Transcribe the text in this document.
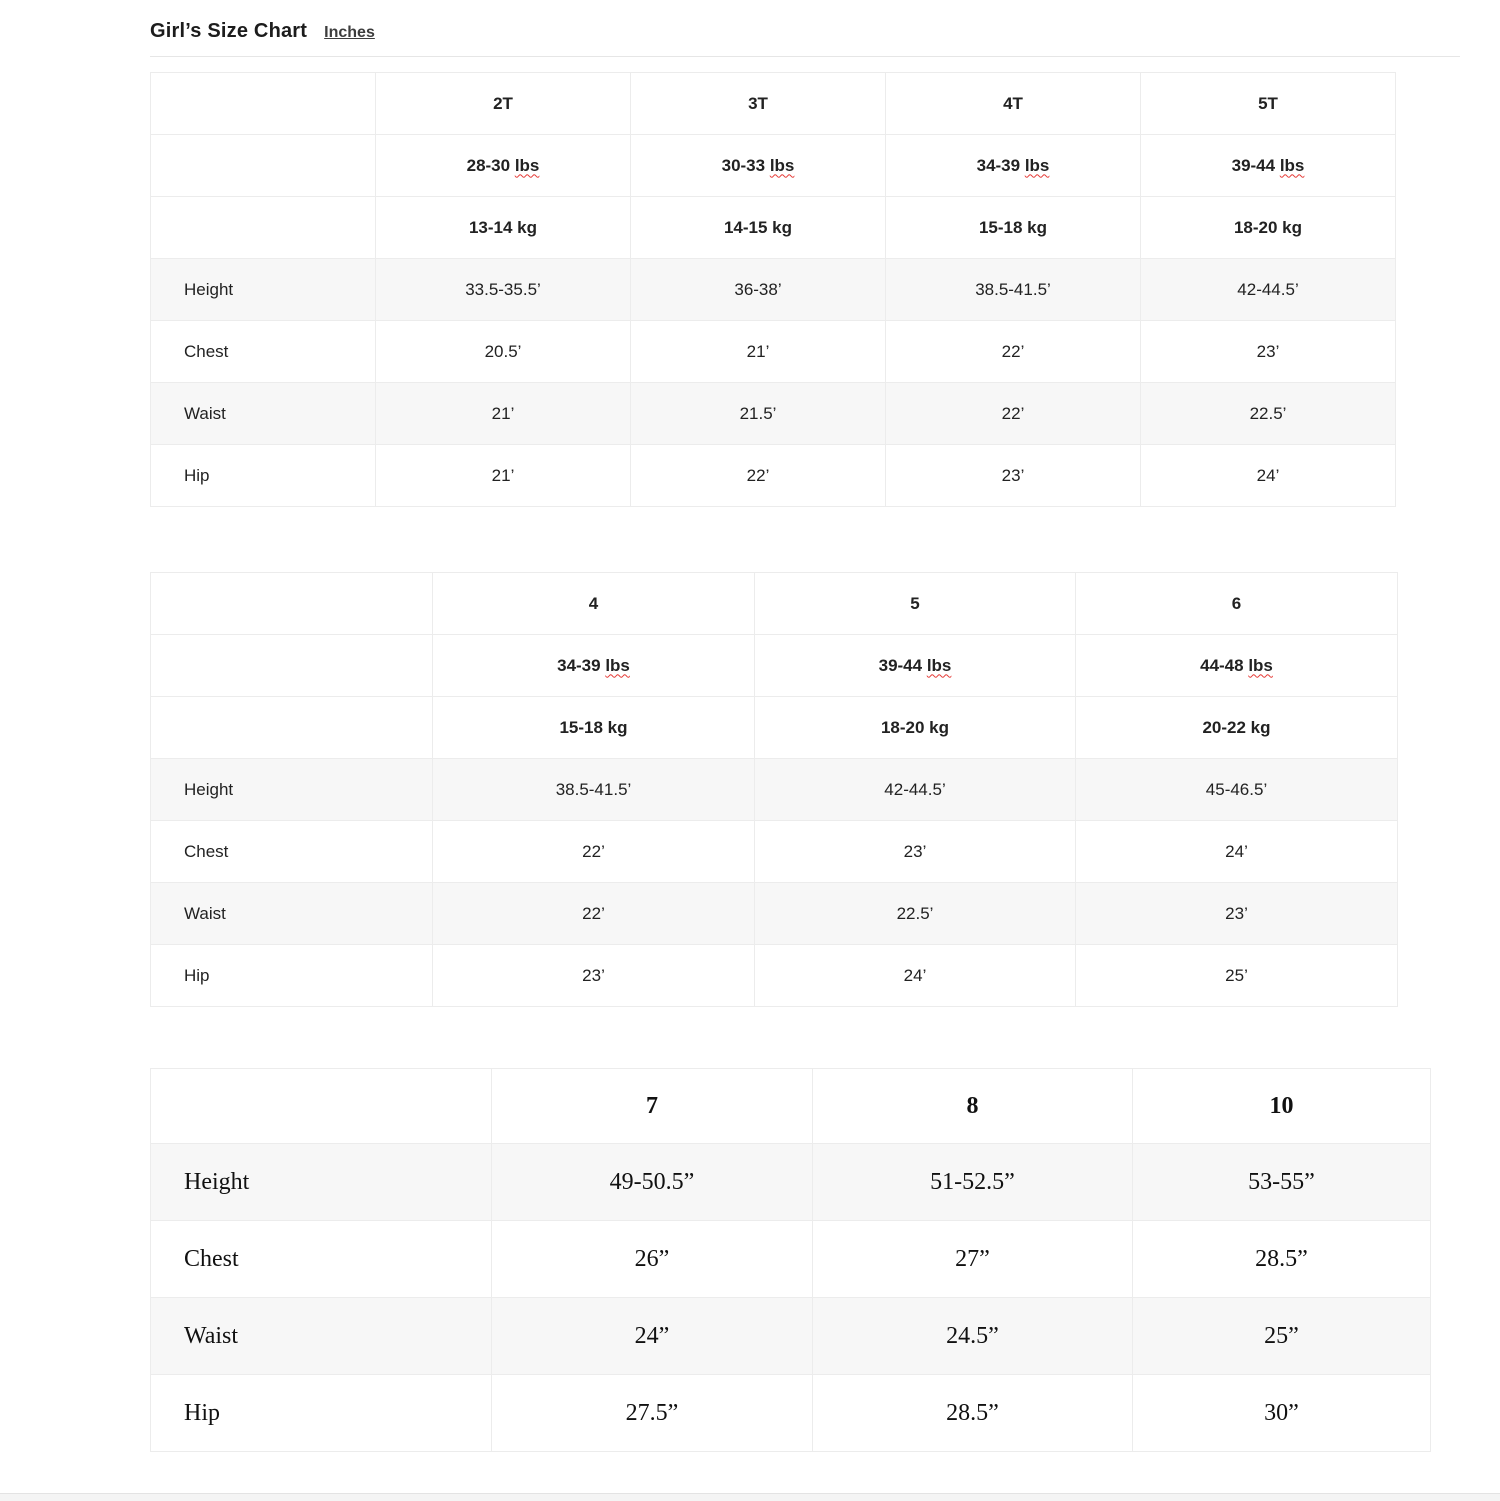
Girl’s Size Chart Inches
	2T	3T	4T	5T
	28-30 lbs	30-33 lbs	34-39 lbs	39-44 lbs
	13-14 kg	14-15 kg	15-18 kg	18-20 kg
Height	33.5-35.5’	36-38’	38.5-41.5’	42-44.5’
Chest	20.5’	21’	22’	23’
Waist	21’	21.5’	22’	22.5’
Hip	21’	22’	23’	24’
	4	5	6
	34-39 lbs	39-44 lbs	44-48 lbs
	15-18 kg	18-20 kg	20-22 kg
Height	38.5-41.5’	42-44.5’	45-46.5’
Chest	22’	23’	24’
Waist	22’	22.5’	23’
Hip	23’	24’	25’
	7	8	10
Height	49-50.5”	51-52.5”	53-55”
Chest	26”	27”	28.5”
Waist	24”	24.5”	25”
Hip	27.5”	28.5”	30”
